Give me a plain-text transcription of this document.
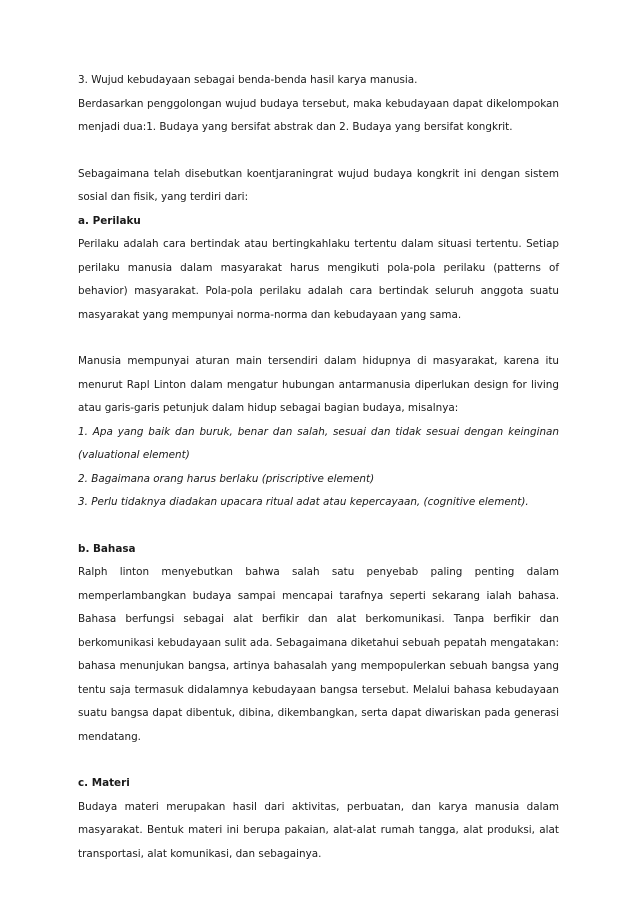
3. Wujud kebudayaan sebagai benda-benda hasil karya manusia.

Berdasarkan penggolongan wujud budaya tersebut, maka kebudayaan dapat dikelompokan menjadi dua:1. Budaya yang bersifat abstrak dan 2. Budaya yang bersifat kongkrit.

Sebagaimana telah disebutkan koentjaraningrat wujud budaya kongkrit ini dengan sistem sosial dan fisik, yang terdiri dari:

a. Perilaku

Perilaku adalah cara bertindak atau bertingkahlaku tertentu dalam situasi tertentu. Setiap perilaku manusia dalam masyarakat harus mengikuti pola-pola perilaku (patterns of behavior) masyarakat. Pola-pola perilaku adalah cara bertindak seluruh anggota suatu masyarakat yang mempunyai norma-norma dan kebudayaan yang sama.

Manusia mempunyai aturan main tersendiri dalam hidupnya di masyarakat, karena itu menurut Rapl Linton dalam mengatur hubungan antarmanusia diperlukan design for living atau garis-garis petunjuk dalam hidup sebagai bagian budaya, misalnya:

1. Apa yang baik dan buruk, benar dan salah, sesuai dan tidak sesuai dengan keinginan (valuational element)

2. Bagaimana orang harus berlaku (priscriptive element)

3. Perlu tidaknya diadakan upacara ritual adat atau kepercayaan, (cognitive element).

b. Bahasa

Ralph linton menyebutkan bahwa salah satu penyebab paling penting dalam memperlambangkan budaya sampai mencapai tarafnya seperti sekarang ialah bahasa. Bahasa berfungsi sebagai alat berfikir dan alat berkomunikasi. Tanpa berfikir dan berkomunikasi kebudayaan sulit ada. Sebagaimana diketahui sebuah pepatah mengatakan: bahasa menunjukan bangsa, artinya bahasalah yang mempopulerkan sebuah bangsa yang tentu saja termasuk didalamnya kebudayaan bangsa tersebut. Melalui bahasa kebudayaan suatu bangsa dapat dibentuk, dibina, dikembangkan, serta dapat diwariskan pada generasi mendatang.

c. Materi

Budaya materi merupakan hasil dari aktivitas, perbuatan, dan karya manusia dalam masyarakat. Bentuk materi ini berupa pakaian, alat-alat rumah tangga, alat produksi, alat transportasi, alat komunikasi, dan sebagainya.
